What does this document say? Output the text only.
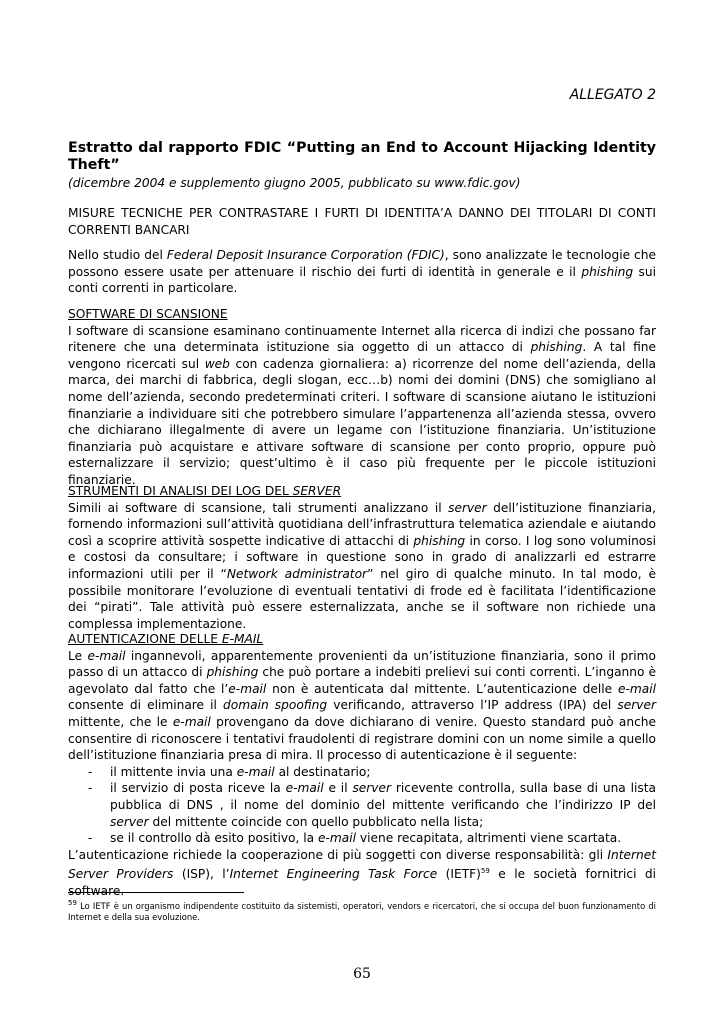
ALLEGATO 2

Estratto dal rapporto FDIC “Putting an End to Account Hijacking Identity Theft”

(dicembre 2004 e supplemento giugno 2005, pubblicato su www.fdic.gov)

MISURE TECNICHE PER CONTRASTARE I FURTI DI IDENTITA’A DANNO DEI TITOLARI DI CONTI CORRENTI BANCARI

Nello studio del Federal Deposit Insurance Corporation (FDIC), sono analizzate le tecnologie che possono essere usate per attenuare il rischio dei furti di identità in generale e il phishing sui conti correnti in particolare.

SOFTWARE DI SCANSIONE

I software di scansione esaminano continuamente Internet alla ricerca di indizi che possano far ritenere che una determinata istituzione sia oggetto di un attacco di phishing. A tal fine vengono ricercati sul web con cadenza giornaliera: a) ricorrenze del nome dell’azienda, della marca, dei marchi di fabbrica, degli slogan, ecc…b) nomi dei domini (DNS) che somigliano al nome dell’azienda, secondo predeterminati criteri. I software di scansione aiutano le istituzioni finanziarie a individuare siti che potrebbero simulare l’appartenenza all’azienda stessa, ovvero che dichiarano illegalmente di avere un legame con l’istituzione finanziaria. Un’istituzione finanziaria può acquistare e attivare software di scansione per conto proprio, oppure può esternalizzare il servizio; quest’ultimo è il caso più frequente per le piccole istituzioni finanziarie.

STRUMENTI DI ANALISI DEI LOG DEL SERVER

Simili ai software di scansione, tali strumenti analizzano il server dell’istituzione finanziaria, fornendo informazioni sull’attività quotidiana dell’infrastruttura telematica aziendale e aiutando così a scoprire attività sospette indicative di attacchi di phishing in corso. I log sono voluminosi e costosi da consultare; i software in questione sono in grado di analizzarli ed estrarre informazioni utili per il “Network administrator” nel giro di qualche minuto. In tal modo, è possibile monitorare l’evoluzione di eventuali tentativi di frode ed è facilitata l’identificazione dei “pirati”. Tale attività può essere esternalizzata, anche se il software non richiede una complessa implementazione.

AUTENTICAZIONE DELLE E-MAIL

Le e-mail ingannevoli, apparentemente provenienti da un’istituzione finanziaria, sono il primo passo di un attacco di phishing che può portare a indebiti prelievi sui conti correnti. L’inganno è agevolato dal fatto che l’e-mail non è autenticata dal mittente. L’autenticazione delle e-mail consente di eliminare il domain spoofing verificando, attraverso l’IP address (IPA) del server mittente, che le e-mail provengano da dove dichiarano di venire. Questo standard può anche consentire di riconoscere i tentativi fraudolenti di registrare domini con un nome simile a quello dell’istituzione finanziaria presa di mira. Il processo di autenticazione è il seguente:

- il mittente invia una e-mail al destinatario;
- il servizio di posta riceve la e-mail e il server ricevente controlla, sulla base di una lista pubblica di DNS , il nome del dominio del mittente verificando che l’indirizzo IP del server del mittente coincide con quello pubblicato nella lista;
- se il controllo dà esito positivo, la e-mail viene recapitata, altrimenti viene scartata.

L’autenticazione richiede la cooperazione di più soggetti con diverse responsabilità: gli Internet Server Providers (ISP), l’Internet Engineering Task Force (IETF)$^{59}$ e le società fornitrici di software.

$^{59}$ Lo IETF è un organismo indipendente costituito da sistemisti, operatori, vendors e ricercatori, che si occupa del buon funzionamento di Internet e della sua evoluzione.

65
